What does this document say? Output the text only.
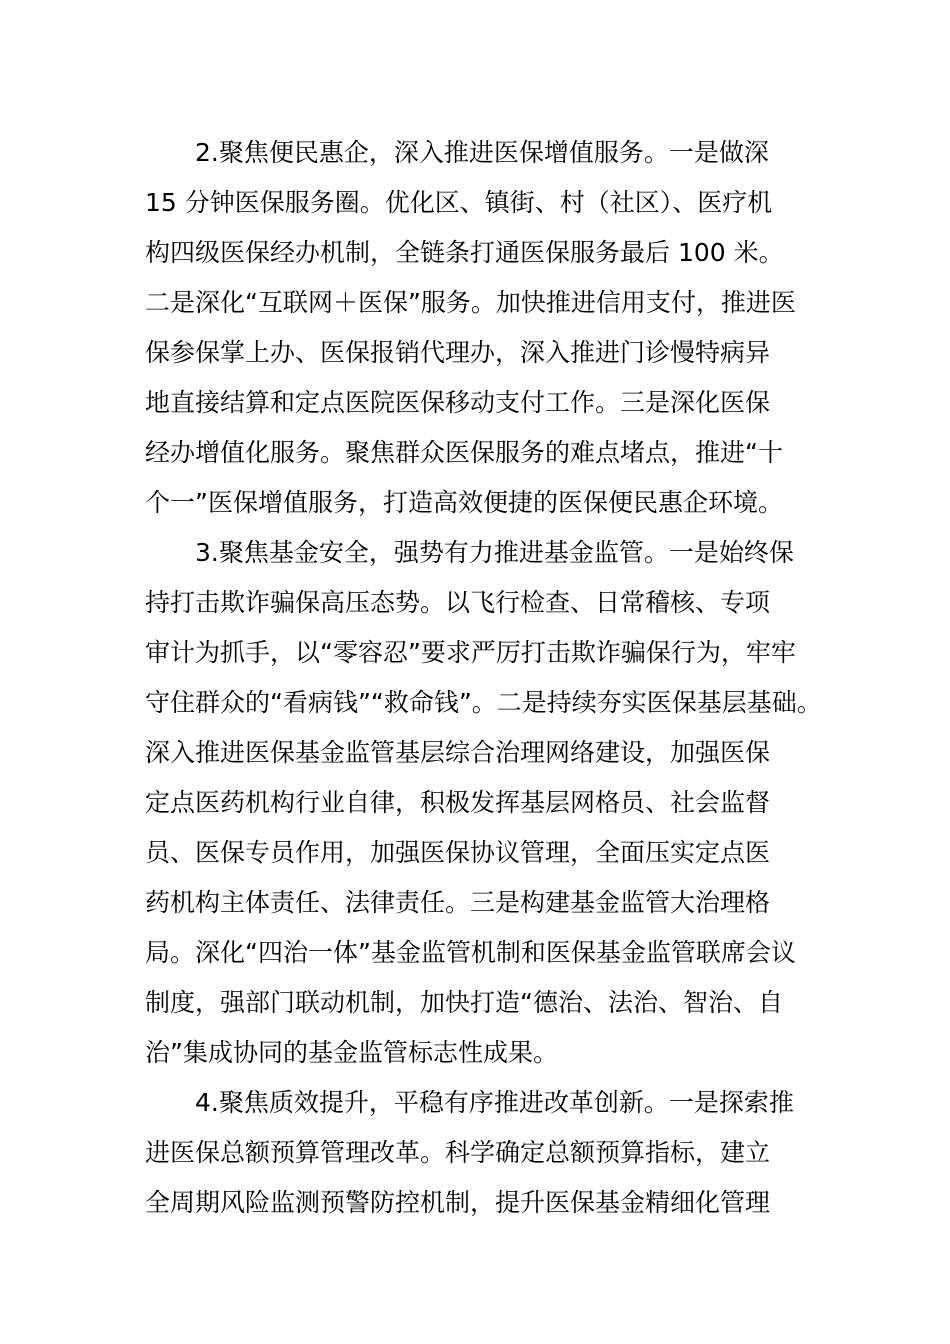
2.聚焦便民惠企，深入推进医保增值服务。一是做深
15 分钟医保服务圈。优化区、镇街、村（社区）、医疗机
构四级医保经办机制，全链条打通医保服务最后 100 米。
二是深化“互联网＋医保”服务。加快推进信用支付，推进医
保参保掌上办、医保报销代理办，深入推进门诊慢特病异
地直接结算和定点医院医保移动支付工作。三是深化医保
经办增值化服务。聚焦群众医保服务的难点堵点，推进“十
个一”医保增值服务，打造高效便捷的医保便民惠企环境。
3.聚焦基金安全，强势有力推进基金监管。一是始终保
持打击欺诈骗保高压态势。以飞行检查、日常稽核、专项
审计为抓手，以“零容忍”要求严厉打击欺诈骗保行为，牢牢
守住群众的“看病钱”“救命钱”。二是持续夯实医保基层基础。
深入推进医保基金监管基层综合治理网络建设，加强医保
定点医药机构行业自律，积极发挥基层网格员、社会监督
员、医保专员作用，加强医保协议管理，全面压实定点医
药机构主体责任、法律责任。三是构建基金监管大治理格
局。深化“四治一体”基金监管机制和医保基金监管联席会议
制度，强部门联动机制，加快打造“德治、法治、智治、自
治”集成协同的基金监管标志性成果。
4.聚焦质效提升，平稳有序推进改革创新。一是探索推
进医保总额预算管理改革。科学确定总额预算指标，建立
全周期风险监测预警防控机制，提升医保基金精细化管理
